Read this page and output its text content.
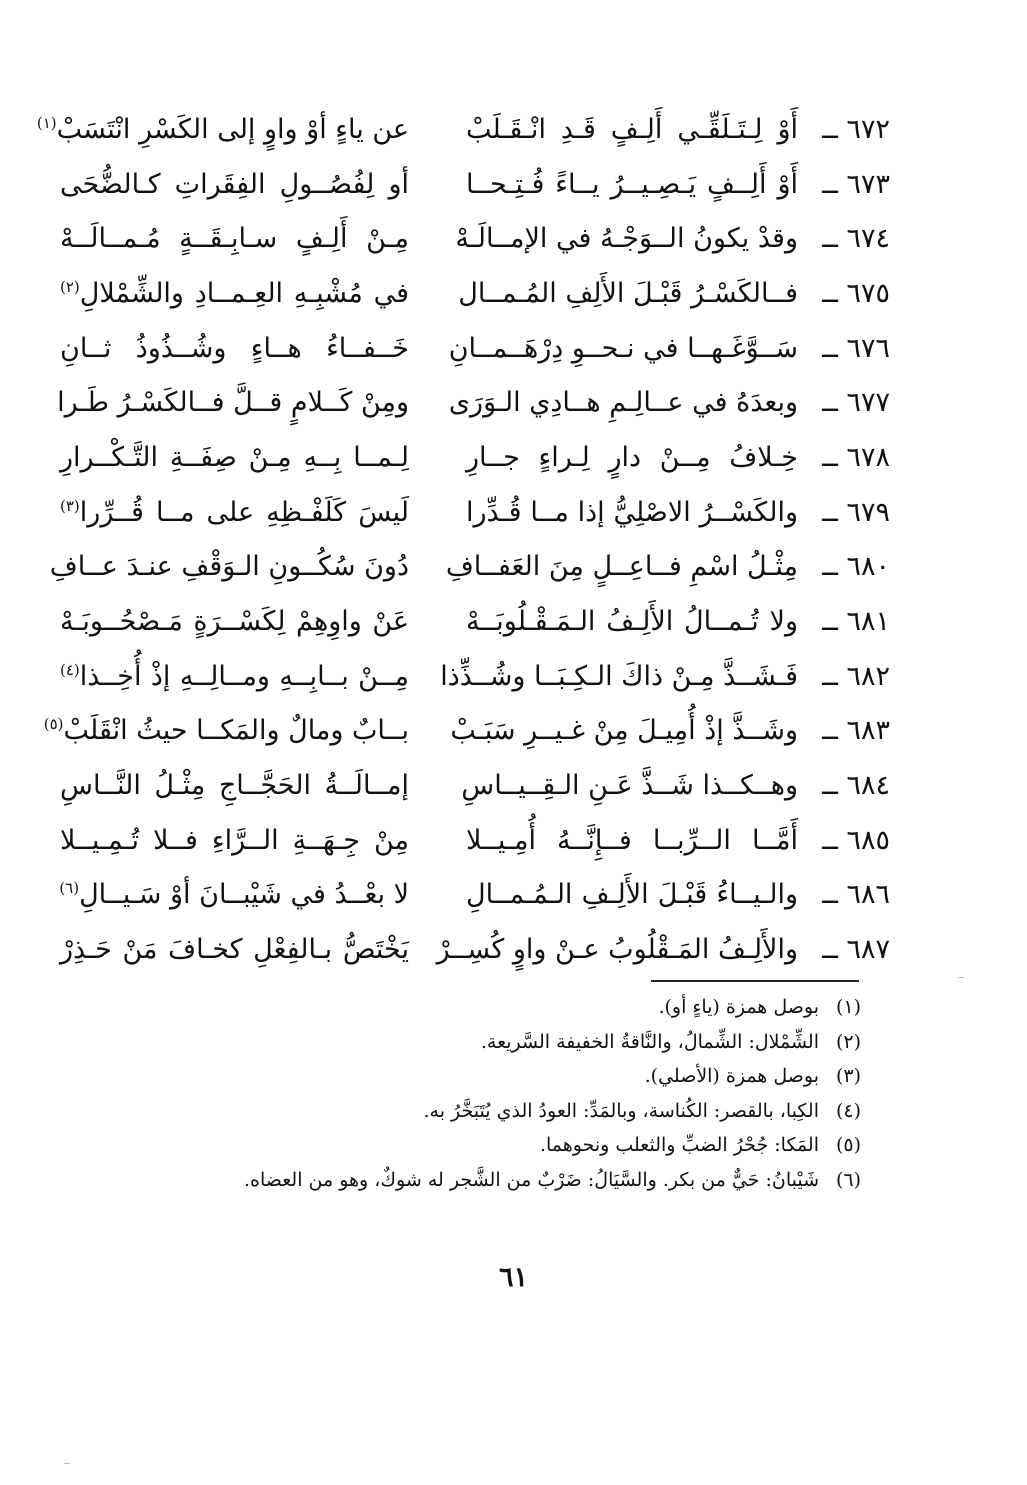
٦٧٢ ــ
أَوْ لِـتَـلَقِّـي أَلِـفٍ قَـدِ انْـقَـلَبْ
عن ياءٍ أوْ واوٍ إلى الكَسْرِ انْتَسَبْ$^{(١)}$
٦٧٣ ــ
أَوْ أَلِــفٍ يَـصِـيــرُ يــاءً فُـتِـحــا
أو لِفُصُــولِ الفِقَراتِ كـالضُّحَى
٦٧٤ ــ
وقدْ يكونُ الــوَجْـهُ في الإمــالَـهْ
مِـنْ أَلِـفٍ سـابِـقَــةٍ مُـمــالَــهْ
٦٧٥ ــ
فــالكَسْـرُ قَبْـلَ الأَلِفِ المُـمــال
في مُشْبِـهِ العِـمــادِ والشِّمْلالِ$^{(٢)}$
٦٧٦ ــ
سَــوَّغَـهــا في نـحــوِ دِرْهَــمــانِ
خَــفــاءُ هــاءٍ وشُــذُوذُ ثــانِ
٦٧٧ ــ
وبعدَهُ في عــالِـمِ هــادِي الـوَرَى
ومِنْ كَــلامٍ قــلَّ فــالكَسْـرُ طَـرا
٦٧٨ ــ
خِـلافُ مِــنْ دارٍ لِـراءٍ جــارِ
لِـمــا بِــهِ مِـنْ صِفَــةِ التَّـكْــرارِ
٦٧٩ ــ
والكَسْــرُ الاصْلِيُّ إذا مــا قُـدِّرا
لَيسَ كَلَفْـظِهِ على مــا قُــرِّرا$^{(٣)}$
٦٨٠ ــ
مِثْـلُ اسْمِ فــاعِــلٍ مِنَ العَفــافِ
دُونَ سُكُــونِ الـوَقْفِ عنـدَ عــافِ
٦٨١ ــ
ولا تُـمــالُ الأَلِـفُ الـمَـقْـلُوبَــهْ
عَنْ واوِهِمْ لِكَسْــرَةٍ مَـصْحُــوبَـهْ
٦٨٢ ــ
فَـشَــذَّ مِـنْ ذاكَ الـكِـبَــا وشُــذِّذا
مِــنْ بــابِــهِ ومــالِــهِ إذْ أُخِــذا$^{(٤)}$
٦٨٣ ــ
وشَــذَّ إذْ أُمِيـلَ مِنْ غـيــرِ سَبَـبْ
بــابٌ ومالٌ والمَكــا حيثُ انْقَلَبْ$^{(٥)}$
٦٨٤ ــ
وهــكــذا شَــذَّ عَـنِ الـقِــيــاسِ
إمــالَــةُ الحَجَّــاجِ مِثْـلُ النَّــاسِ
٦٨٥ ــ
أَمَّــا الــرِّبــا فــإِنَّــهُ أُمِـيــلا
مِنْ جِـهَــةِ الــرَّاءِ فــلا تُـمِـيــلا
٦٨٦ ــ
والـيــاءُ قَبْـلَ الأَلِـفِ الـمُـمــالِ
لا بعْــدُ في شَيْبــانَ أوْ سَـيــالِ$^{(٦)}$
٦٨٧ ــ
والأَلِـفُ المَـقْلُوبُ عـنْ واوٍ كُسِــرْ
يَخْتَصُّ بـالفِعْلِ كخـافَ مَنْ حَـذِرْ
(١)
بوصل همزة (ياءٍ أو).
(٢)
الشِّمْلال: الشِّمالُ، والنَّاقةُ الخفيفة السَّريعة.
(٣)
بوصل همزة (الأصلي).
(٤)
الكِبا، بالقصر: الكُناسة، وبالمَدِّ: العودُ الذي يُتَبَخَّرُ به.
(٥)
المَكا: جُحْرُ الضبِّ والثعلب ونحوهما.
(٦)
شَيْبانُ: حَيٌّ من بكر. والسَّيَالُ: ضَرْبٌ من الشَّجر له شوكٌ، وهو من العضاه.
٦١
